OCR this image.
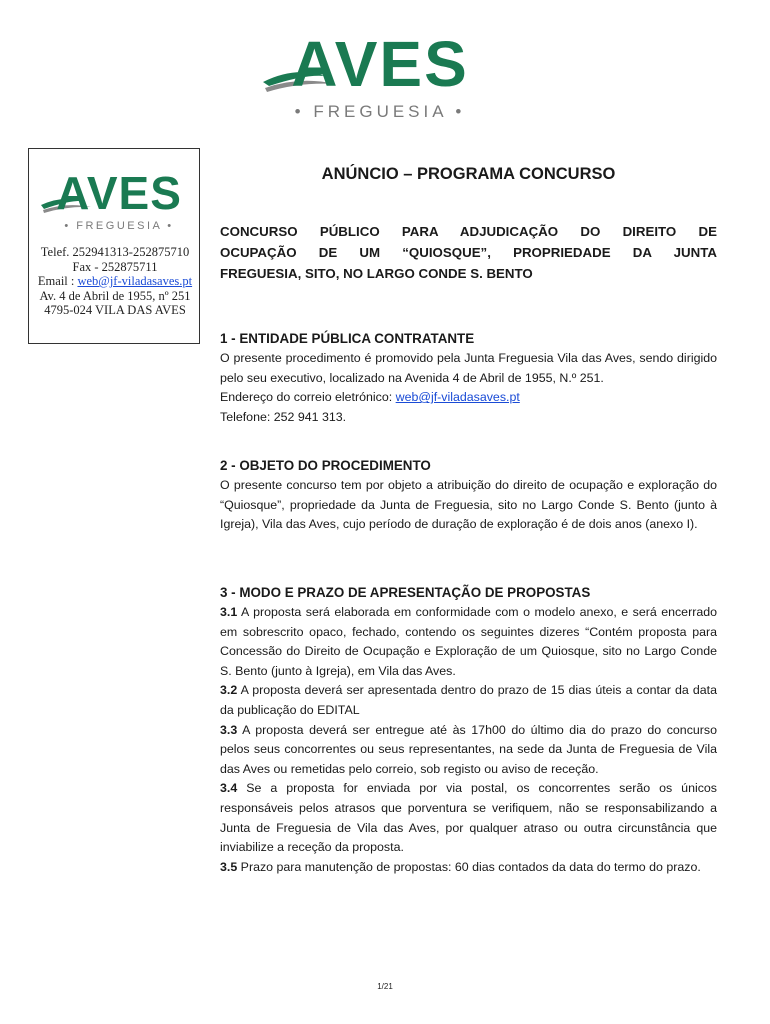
AVES
• FREGUESIA •
AVES
• FREGUESIA •
Telef. 252941313-252875710
Fax - 252875711
Email : web@jf-viladasaves.pt
Av. 4 de Abril de 1955, nº 251
4795-024 VILA DAS AVES
ANÚNCIO – PROGRAMA CONCURSO
CONCURSO PÚBLICO PARA ADJUDICAÇÃO DO DIREITO DE
OCUPAÇÃO DE UM “QUIOSQUE”, PROPRIEDADE DA JUNTA
FREGUESIA, SITO, NO LARGO CONDE S. BENTO
1 - ENTIDADE PÚBLICA CONTRATANTE

O presente procedimento é promovido pela Junta Freguesia Vila das Aves, sendo dirigido pelo seu executivo, localizado na Avenida 4 de Abril de 1955, N.º 251.

Endereço do correio eletrónico: web@jf-viladasaves.pt

Telefone: 252 941 313.

2 - OBJETO DO PROCEDIMENTO

O presente concurso tem por objeto a atribuição do direito de ocupação e exploração do “Quiosque”, propriedade da Junta de Freguesia, sito no Largo Conde S. Bento (junto à Igreja), Vila das Aves, cujo período de duração de exploração é de dois anos (anexo I).

3 - MODO E PRAZO DE APRESENTAÇÃO DE PROPOSTAS

3.1 A proposta será elaborada em conformidade com o modelo anexo, e será encerrado em sobrescrito opaco, fechado, contendo os seguintes dizeres “Contém proposta para Concessão do Direito de Ocupação e Exploração de um Quiosque, sito no Largo Conde S. Bento (junto à Igreja), em Vila das Aves.

3.2 A proposta deverá ser apresentada dentro do prazo de 15 dias úteis a contar da data da publicação do EDITAL

3.3 A proposta deverá ser entregue até às 17h00 do último dia do prazo do concurso pelos seus concorrentes ou seus representantes, na sede da Junta de Freguesia de Vila das Aves ou remetidas pelo correio, sob registo ou aviso de receção.

3.4 Se a proposta for enviada por via postal, os concorrentes serão os únicos responsáveis pelos atrasos que porventura se verifiquem, não se responsabilizando a Junta de Freguesia de Vila das Aves, por qualquer atraso ou outra circunstância que inviabilize a receção da proposta.

3.5 Prazo para manutenção de propostas: 60 dias contados da data do termo do prazo.

1/21
